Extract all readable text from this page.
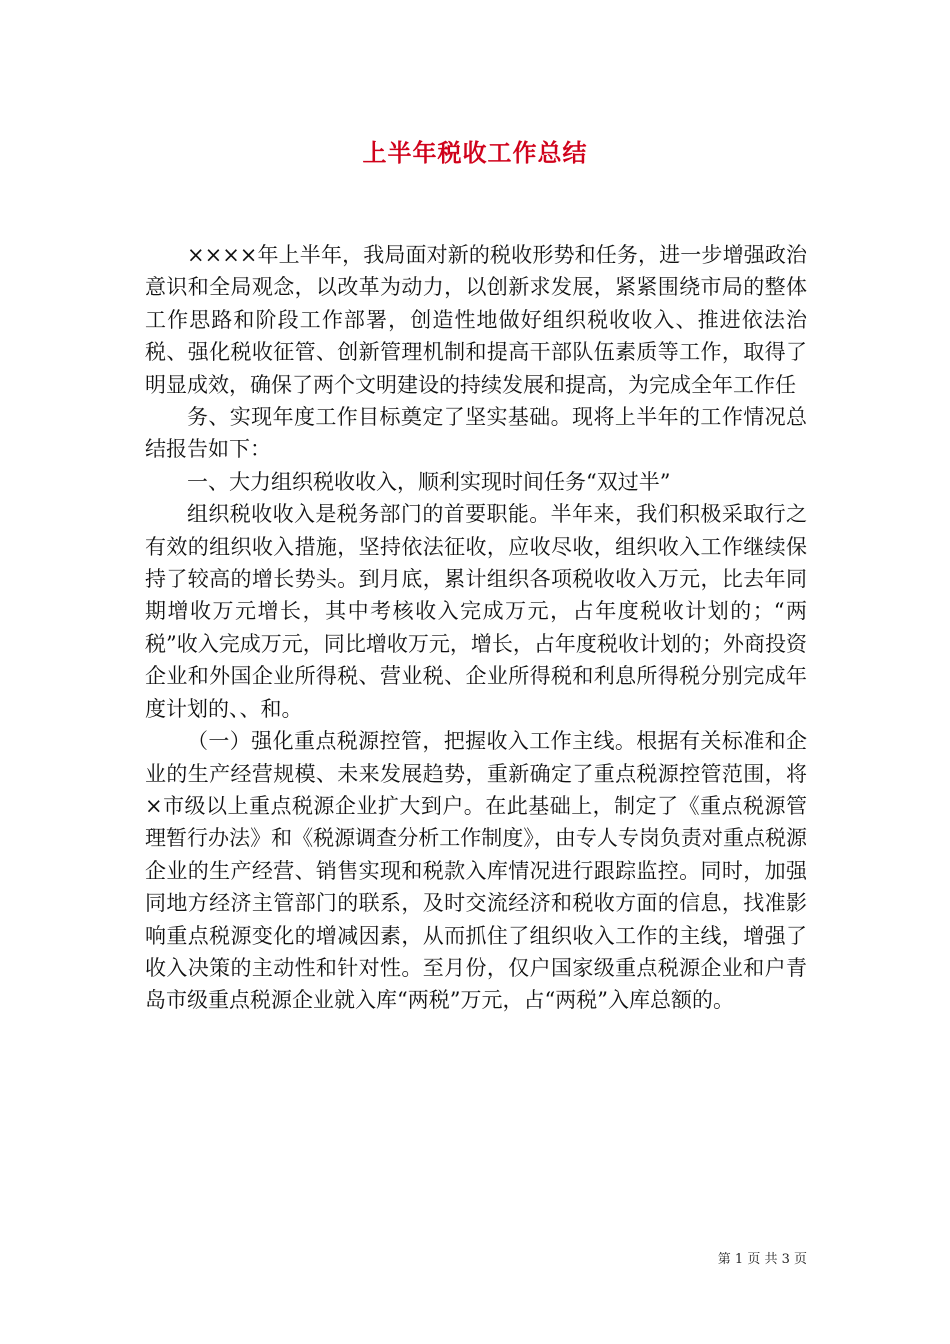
上半年税收工作总结

××××年上半年，我局面对新的税收形势和任务，进一步增强政治意识和全局观念，以改革为动力，以创新求发展，紧紧围绕市局的整体工作思路和阶段工作部署，创造性地做好组织税收收入、推进依法治税、强化税收征管、创新管理机制和提高干部队伍素质等工作，取得了明显成效，确保了两个文明建设的持续发展和提高，为完成全年工作任

务、实现年度工作目标奠定了坚实基础。现将上半年的工作情况总结报告如下：

一、大力组织税收收入，顺利实现时间任务“双过半”

组织税收收入是税务部门的首要职能。半年来，我们积极采取行之有效的组织收入措施，坚持依法征收，应收尽收，组织收入工作继续保持了较高的增长势头。到月底，累计组织各项税收收入万元，比去年同期增收万元增长，其中考核收入完成万元，占年度税收计划的；“两税”收入完成万元，同比增收万元，增长，占年度税收计划的；外商投资企业和外国企业所得税、营业税、企业所得税和利息所得税分别完成年度计划的、、和。

（一）强化重点税源控管，把握收入工作主线。根据有关标准和企业的生产经营规模、未来发展趋势，重新确定了重点税源控管范围，将×市级以上重点税源企业扩大到户。在此基础上，制定了《重点税源管理暂行办法》和《税源调查分析工作制度》，由专人专岗负责对重点税源企业的生产经营、销售实现和税款入库情况进行跟踪监控。同时，加强同地方经济主管部门的联系，及时交流经济和税收方面的信息，找准影响重点税源变化的增减因素，从而抓住了组织收入工作的主线，增强了收入决策的主动性和针对性。至月份，仅户国家级重点税源企业和户青岛市级重点税源企业就入库“两税”万元，占“两税”入库总额的。

第 1 页 共 3 页
